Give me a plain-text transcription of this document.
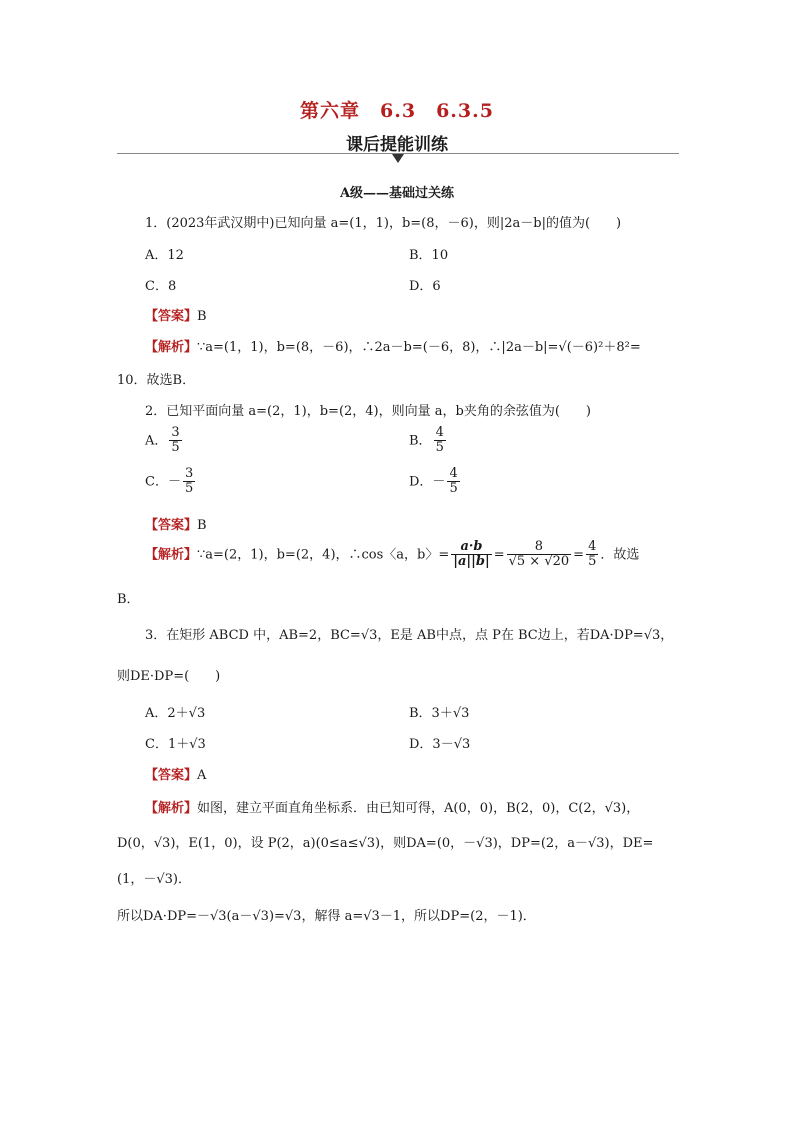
第六章　6.3　6.3.5
课后提能训练
A级——基础过关练
1．(2023年武汉期中)已知向量 a=(1，1)，b=(8，－6)，则|2a－b|的值为(　　)
A．12	B．10
C．8	D．6
【答案】B
【解析】∵a=(1，1)，b=(8，－6)，∴2a－b=(－6，8)，∴|2a－b|=√(－6)²＋8²=
10．故选B．
2．已知平面向量 a=(2，1)，b=(2，4)，则向量 a，b夹角的余弦值为(　　)
A． $\frac{3}{5}$	B． $\frac{4}{5}$
C．－ $\frac{3}{5}$	D．－ $\frac{4}{5}$
【答案】B
【解析】∵a=(2，1)，b=(2，4)，∴cos〈a，b〉= $\frac{a\cdot b}{|a||b|} = \frac{8}{√5 \times √20} = \frac{4}{5}$ ．故选
B．
3．在矩形 ABCD 中，AB=2，BC=√3，E是 AB中点，点 P在 BC边上，若DA·DP=√3，
则DE·DP=(　　)
A．2＋√3	B．3＋√3
C．1＋√3	D．3－√3
【答案】A
【解析】如图，建立平面直角坐标系．由已知可得，A(0，0)，B(2，0)，C(2，√3)，
D(0，√3)，E(1，0)，设 P(2，a)(0≤a≤√3)，则DA=(0，－√3)，DP=(2，a－√3)，DE=
(1，－√3)．
所以DA·DP=－√3(a－√3)=√3，解得 a=√3－1，所以DP=(2，－1)．
